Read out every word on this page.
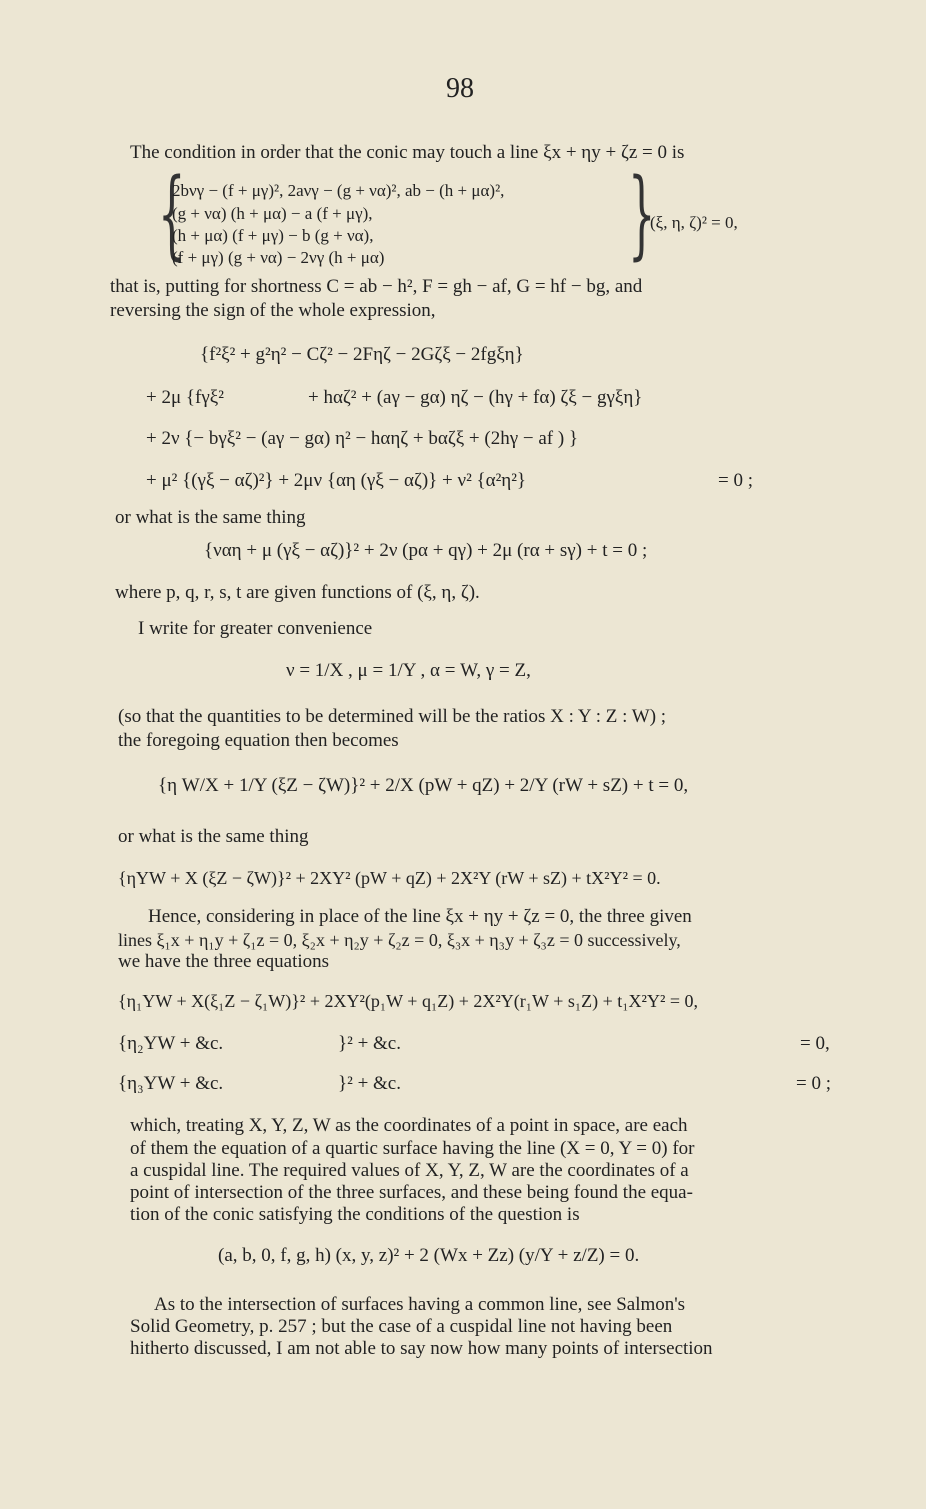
98
The condition in order that the conic may touch a line ξx + ηy + ζz = 0 is
{
2bνγ − (f + μγ)², 2aνγ − (g + να)², ab − (h + μα)²,
(g + να) (h + μα) − a (f + μγ),	}
(ξ, η, ζ)² = 0,
(h + μα) (f + μγ) − b (g + να),
(f + μγ) (g + να) − 2νγ (h + μα)
that is, putting for shortness C = ab − h², F = gh − af, G = hf − bg, and
reversing the sign of the whole expression,
{f²ξ² + g²η² − Cζ² − 2Fηζ − 2Gζξ − 2fgξη}
+ 2μ {fγξ²	+ hαζ² + (aγ − gα) ηζ − (hγ + fα) ζξ − gγξη}
+ 2ν {− bγξ² − (aγ − gα) η² − hαηζ + bαζξ + (2hγ − af ) }
+ μ² {(γξ − αζ)²} + 2μν {αη (γξ − αζ)} + ν² {α²η²}	= 0 ;
or what is the same thing
{ναη + μ (γξ − αζ)}² + 2ν (pα + qγ) + 2μ (rα + sγ) + t = 0 ;
where p, q, r, s, t are given functions of (ξ, η, ζ).
I write for greater convenience
ν = 1/X , μ = 1/Y , α = W, γ = Z,
(so that the quantities to be determined will be the ratios X : Y : Z : W) ;
the foregoing equation then becomes
{η W/X + 1/Y (ξZ − ζW)}² + 2/X (pW + qZ) + 2/Y (rW + sZ) + t = 0,
or what is the same thing
{ηYW + X (ξZ − ζW)}² + 2XY² (pW + qZ) + 2X²Y (rW + sZ) + tX²Y² = 0.
Hence, considering in place of the line ξx + ηy + ζz = 0, the three given
lines ξ₁x + η₁y + ζ₁z = 0, ξ₂x + η₂y + ζ₂z = 0, ξ₃x + η₃y + ζ₃z = 0 successively,
we have the three equations
{η₁YW + X(ξ₁Z − ζ₁W)}² + 2XY²(p₁W + q₁Z) + 2X²Y(r₁W + s₁Z) + t₁X²Y² = 0,
{η₂YW + &c.	}² + &c.	= 0,
{η₃YW + &c.	}² + &c.	= 0 ;
which, treating X, Y, Z, W as the coordinates of a point in space, are each
of them the equation of a quartic surface having the line (X = 0, Y = 0) for
a cuspidal line. The required values of X, Y, Z, W are the coordinates of a
point of intersection of the three surfaces, and these being found the equa-
tion of the conic satisfying the conditions of the question is
(a, b, 0, f, g, h) (x, y, z)² + 2 (Wx + Zz) (y/Y + z/Z) = 0.
As to the intersection of surfaces having a common line, see Salmon's
Solid Geometry, p. 257 ; but the case of a cuspidal line not having been
hitherto discussed, I am not able to say now how many points of intersection
